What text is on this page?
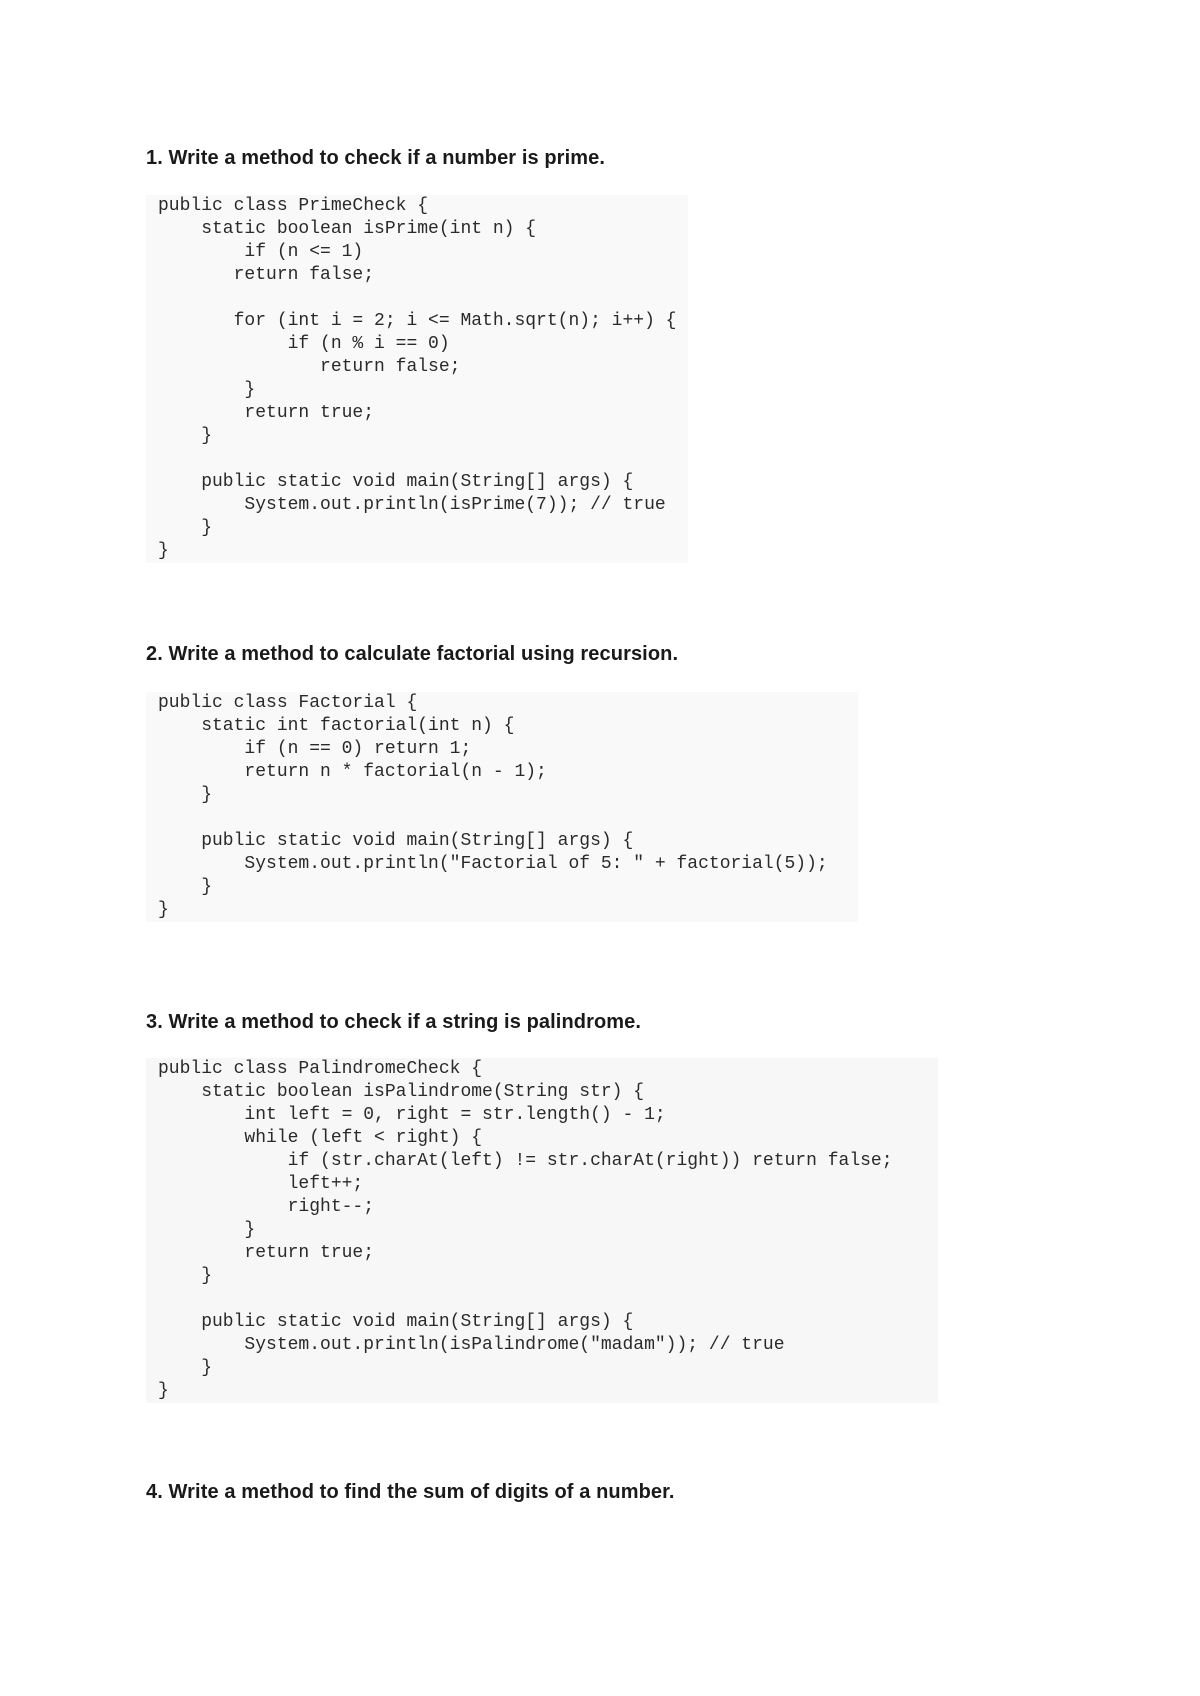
1. Write a method to check if a number is prime.
public class PrimeCheck {
static boolean isPrime(int n) {
if (n <= 1)
return false;
for (int i = 2; i <= Math.sqrt(n); i++) {
if (n % i == 0)
return false;
}
return true;
}
public static void main(String[] args) {
System.out.println(isPrime(7)); // true
}
}
2. Write a method to calculate factorial using recursion.
public class Factorial {
static int factorial(int n) {
if (n == 0) return 1;
return n * factorial(n - 1);
}
public static void main(String[] args) {
System.out.println("Factorial of 5: " + factorial(5));
}
}
3. Write a method to check if a string is palindrome.
public class PalindromeCheck {
static boolean isPalindrome(String str) {
int left = 0, right = str.length() - 1;
while (left < right) {
if (str.charAt(left) != str.charAt(right)) return false;
left++;
right--;
}
return true;
}
public static void main(String[] args) {
System.out.println(isPalindrome("madam")); // true
}
}
4. Write a method to find the sum of digits of a number.
